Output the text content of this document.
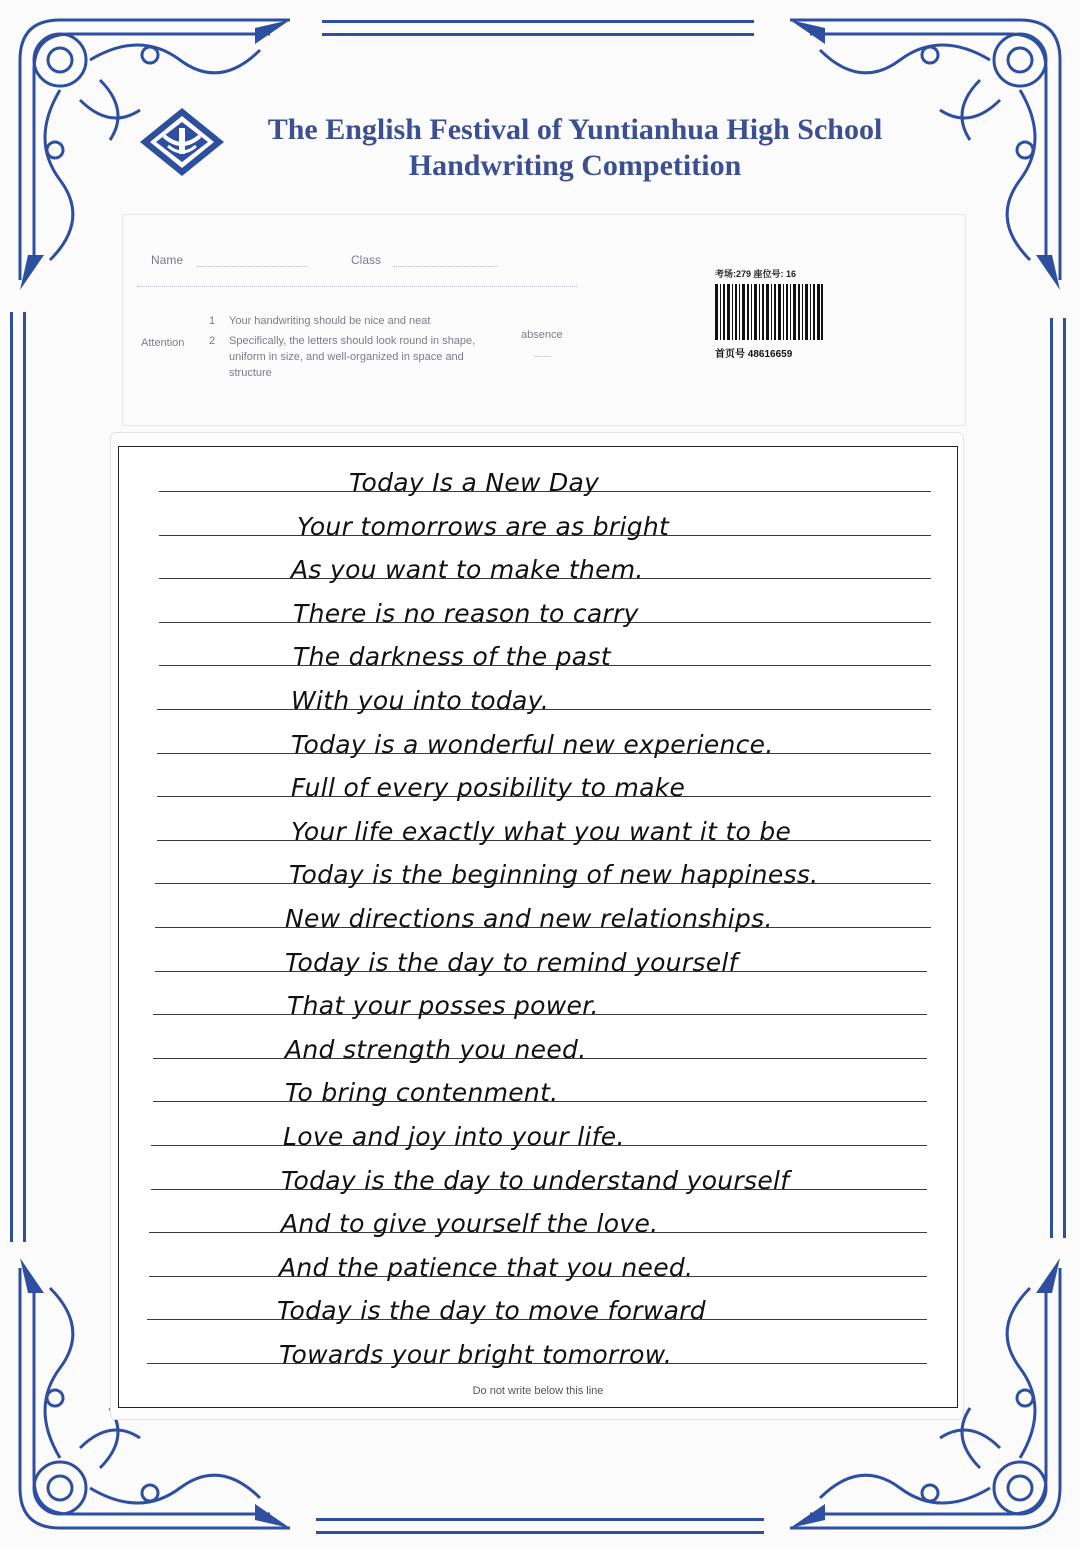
The English Festival of Yuntianhua High School
Handwriting Competition
Name	Class
Attention
1 Your handwriting should be nice and neat
2 Specifically, the letters should look round in shape, uniform in size, and well-organized in space and structure
absence
考场:279 座位号: 16
首页号 48616659
Do not write below this line
Today Is a New Day
Your tomorrows are as bright
As you want to make them.
There is no reason to carry
The darkness of the past
With you into today.
Today is a wonderful new experience.
Full of every posibility to make
Your life exactly what you want it to be
Today is the beginning of new happiness.
New directions and new relationships.
Today is the day to remind yourself
That your posses power.
And strength you need.
To bring contenment.
Love and joy into your life.
Today is the day to understand yourself
And to give yourself the love.
And the patience that you need.
Today is the day to move forward
Towards your bright tomorrow.
